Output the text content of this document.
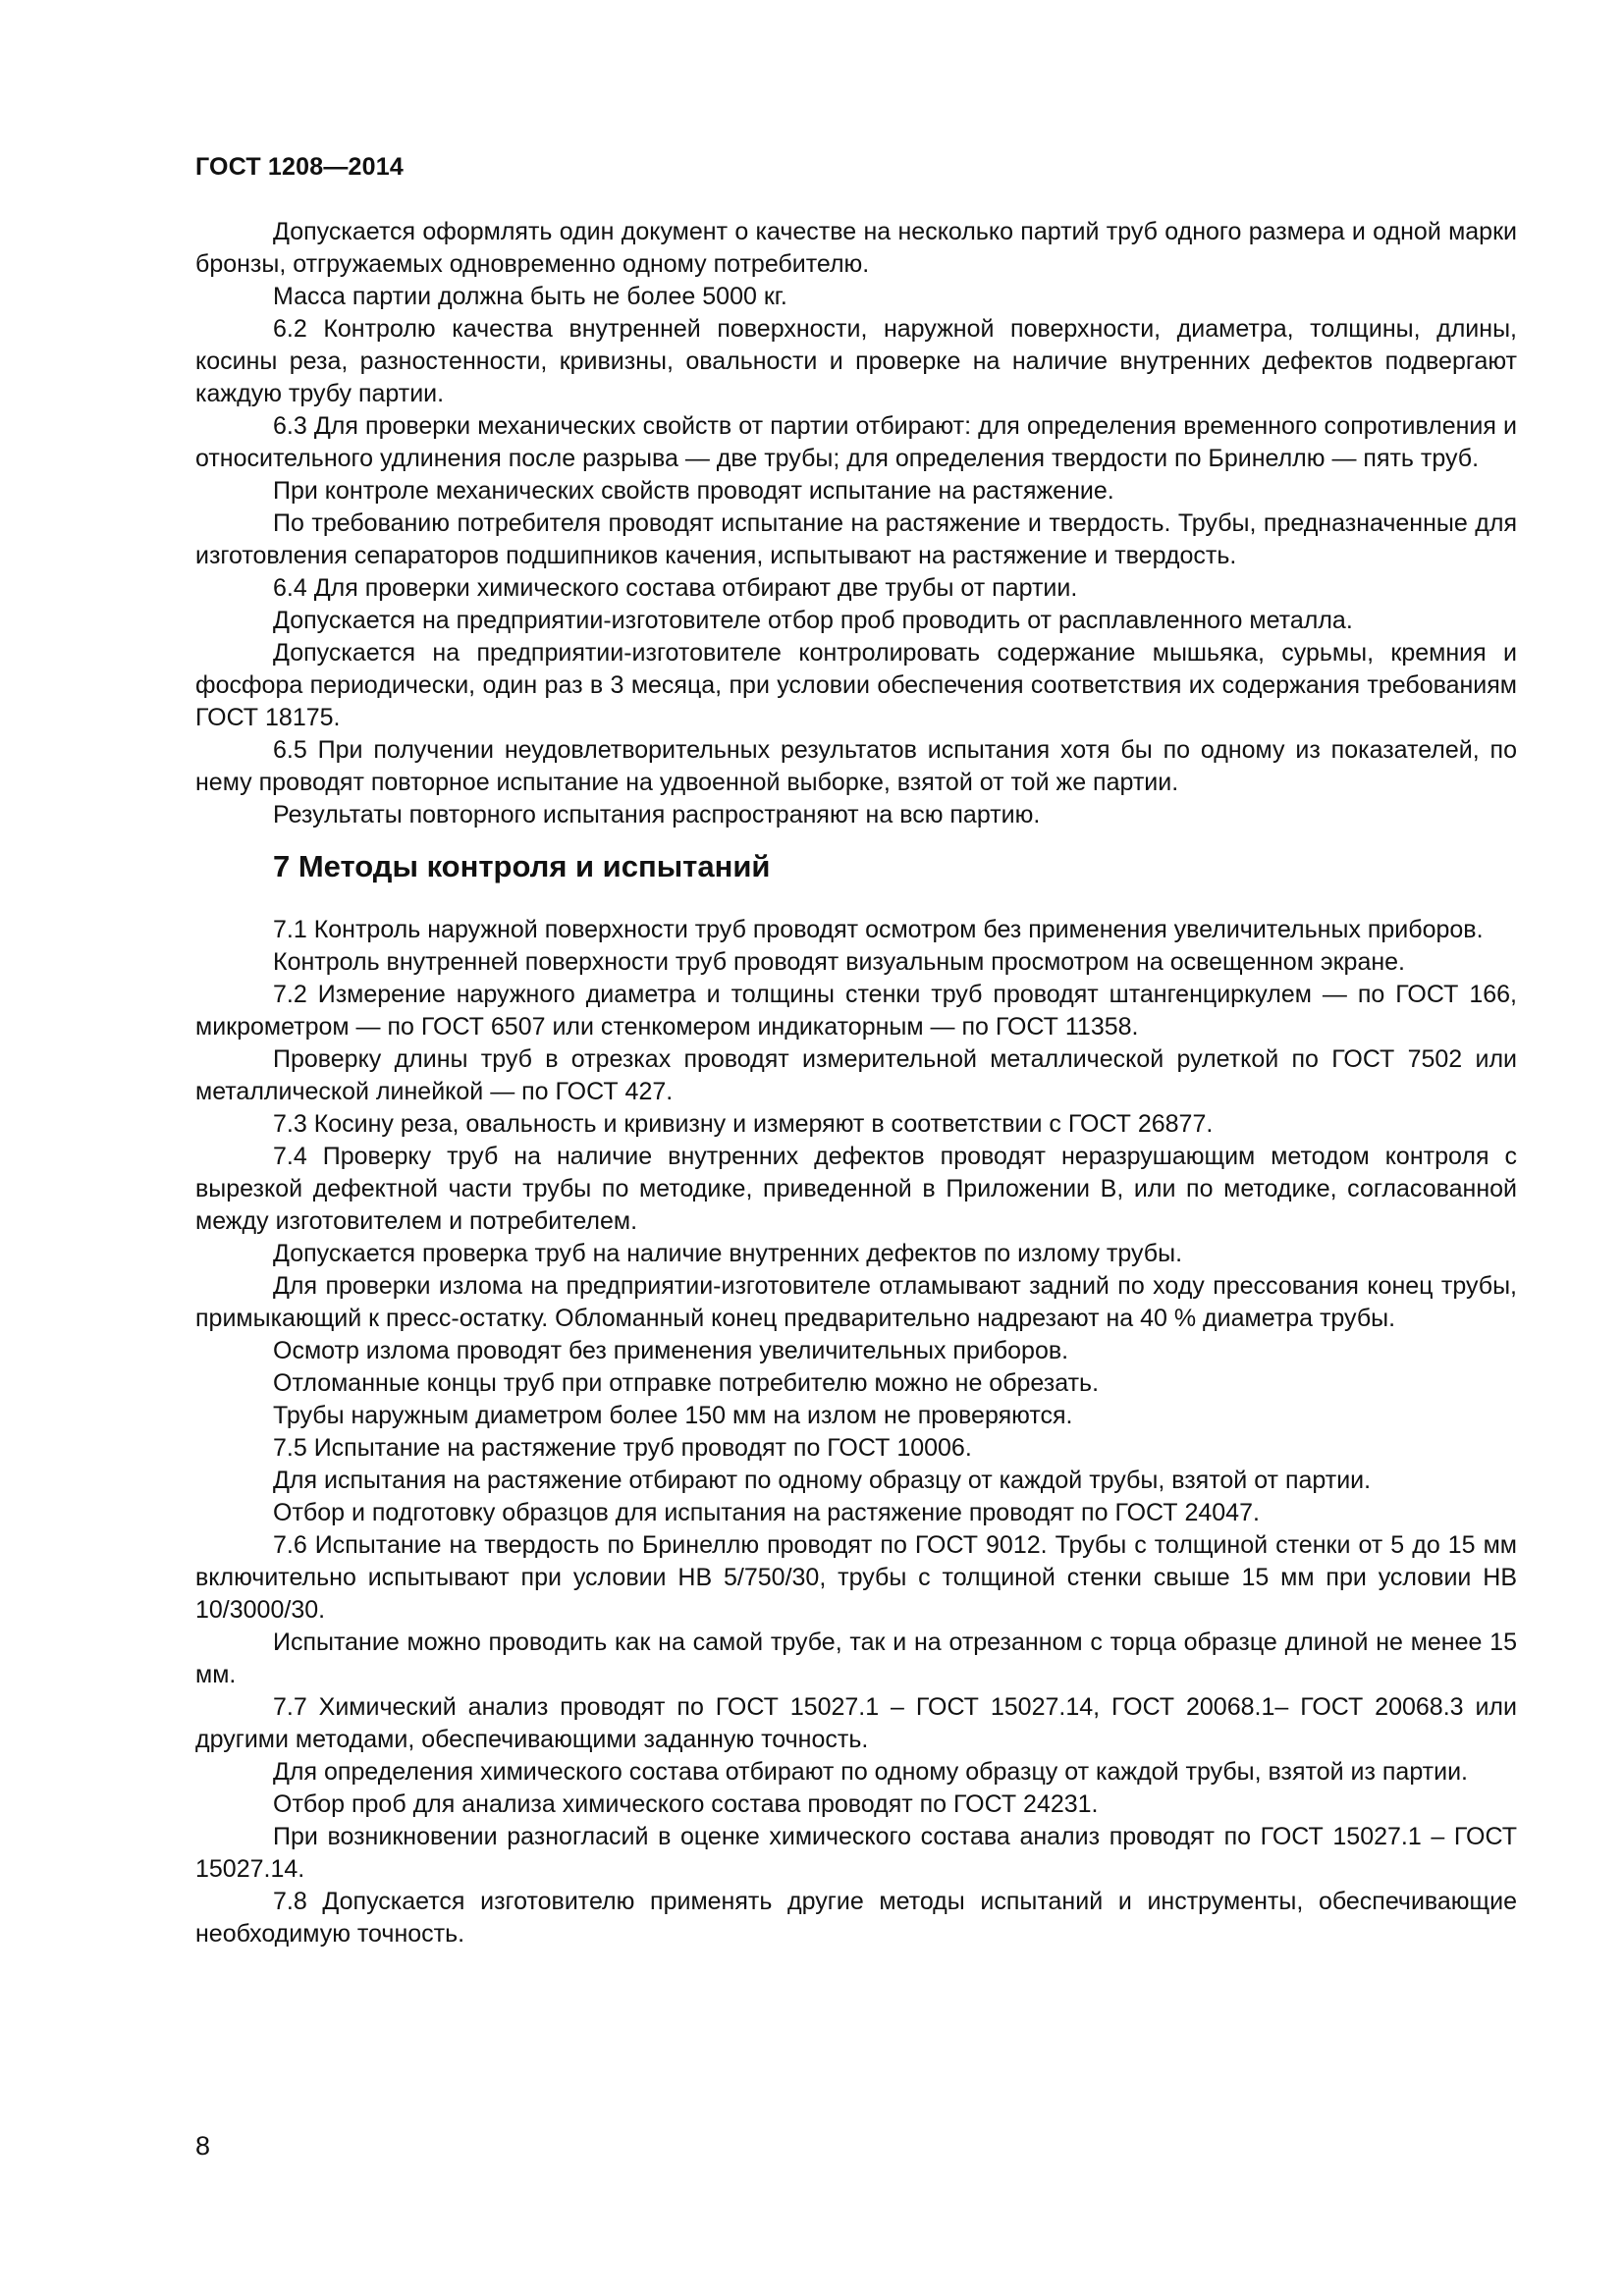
ГОСТ 1208—2014

Допускается оформлять один документ о качестве на несколько партий труб одного размера и одной марки бронзы, отгружаемых одновременно одному потребителю.

Масса партии должна быть не более 5000 кг.

6.2 Контролю качества внутренней поверхности, наружной поверхности, диаметра, толщины, длины, косины реза, разностенности, кривизны, овальности и проверке на наличие внутренних дефектов подвергают каждую трубу партии.

6.3 Для проверки механических свойств от партии отбирают: для определения временного сопротивления и относительного удлинения после разрыва — две трубы; для определения твердости по Бринеллю — пять труб.

При контроле механических свойств проводят испытание на растяжение.

По требованию потребителя проводят испытание на растяжение и твердость. Трубы, предназначенные для изготовления сепараторов подшипников качения, испытывают на растяжение и твердость.

6.4 Для проверки химического состава отбирают две трубы от партии.

Допускается на предприятии-изготовителе отбор проб проводить от расплавленного металла.

Допускается на предприятии-изготовителе контролировать содержание мышьяка, сурьмы, кремния и фосфора периодически, один раз в 3 месяца, при условии обеспечения соответствия их содержания требованиям ГОСТ 18175.

6.5 При получении неудовлетворительных результатов испытания хотя бы по одному из показателей, по нему проводят повторное испытание на удвоенной выборке, взятой от той же партии.

Результаты повторного испытания распространяют на всю партию.

7 Методы контроля и испытаний

7.1 Контроль наружной поверхности труб проводят осмотром без применения увеличительных приборов.

Контроль внутренней поверхности труб проводят визуальным просмотром на освещенном экране.

7.2 Измерение наружного диаметра и толщины стенки труб проводят штангенциркулем — по ГОСТ 166, микрометром — по ГОСТ 6507 или стенкомером индикаторным — по ГОСТ 11358.

Проверку длины труб в отрезках проводят измерительной металлической рулеткой по ГОСТ 7502 или металлической линейкой — по ГОСТ 427.

7.3 Косину реза, овальность и кривизну и измеряют в соответствии с ГОСТ 26877.

7.4 Проверку труб на наличие внутренних дефектов проводят неразрушающим методом контроля с вырезкой дефектной части трубы по методике, приведенной в Приложении В, или по методике, согласованной между изготовителем и потребителем.

Допускается проверка труб на наличие внутренних дефектов по излому трубы.

Для проверки излома на предприятии-изготовителе отламывают задний по ходу прессования конец трубы, примыкающий к пресс-остатку. Обломанный конец предварительно надрезают на 40 % диаметра трубы.

Осмотр излома проводят без применения увеличительных приборов.

Отломанные концы труб при отправке потребителю можно не обрезать.

Трубы наружным диаметром более 150 мм на излом не проверяются.

7.5 Испытание на растяжение труб проводят по ГОСТ 10006.

Для испытания на растяжение отбирают по одному образцу от каждой трубы, взятой от партии.

Отбор и подготовку образцов для испытания на растяжение проводят по ГОСТ 24047.

7.6 Испытание на твердость по Бринеллю проводят по ГОСТ 9012. Трубы с толщиной стенки от 5 до 15 мм включительно испытывают при условии НВ 5/750/30, трубы с толщиной стенки свыше 15 мм при условии НВ 10/3000/30.

Испытание можно проводить как на самой трубе, так и на отрезанном с торца образце длиной не менее 15 мм.

7.7 Химический анализ проводят по ГОСТ 15027.1 – ГОСТ 15027.14, ГОСТ 20068.1– ГОСТ 20068.3 или другими методами, обеспечивающими заданную точность.

Для определения химического состава отбирают по одному образцу от каждой трубы, взятой из партии.

Отбор проб для анализа химического состава проводят по ГОСТ 24231.

При возникновении разногласий в оценке химического состава анализ проводят по ГОСТ 15027.1 – ГОСТ 15027.14.

7.8 Допускается изготовителю применять другие методы испытаний и инструменты, обеспечивающие необходимую точность.

8
